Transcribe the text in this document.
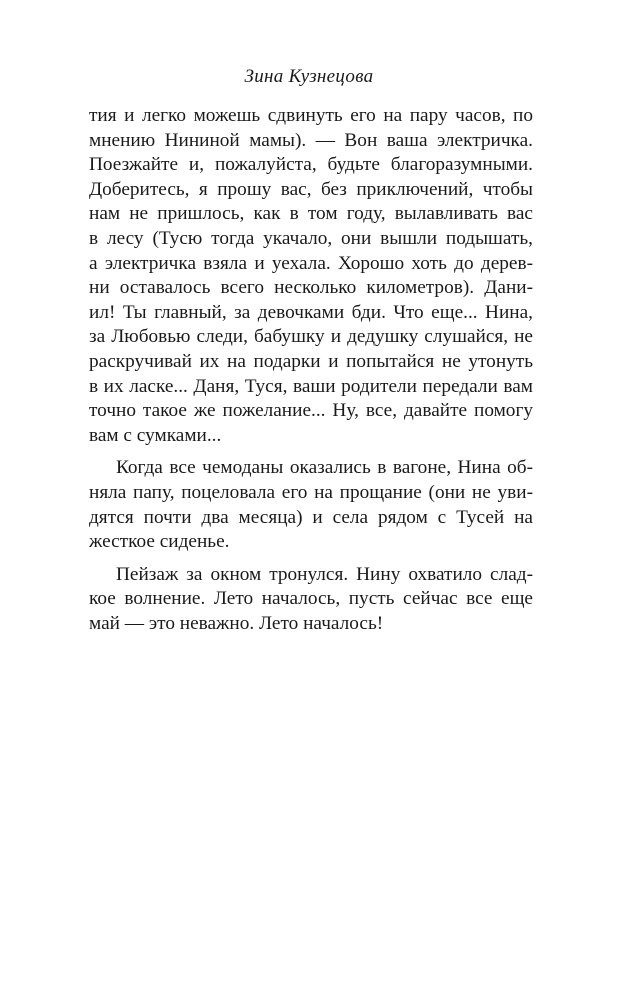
Зина Кузнецова
тия и легко можешь сдвинуть его на пару часов, по
мнению Нининой мамы). — Вон ваша электричка.
Поезжайте и, пожалуйста, будьте благоразумными.
Доберитесь, я прошу вас, без приключений, чтобы
нам не пришлось, как в том году, вылавливать вас
в лесу (Тусю тогда укачало, они вышли подышать,
а электричка взяла и уехала. Хорошо хоть до дерев-
ни оставалось всего несколько километров). Дани-
ил! Ты главный, за девочками бди. Что еще... Нина,
за Любовью следи, бабушку и дедушку слушайся, не
раскручивай их на подарки и попытайся не утонуть
в их ласке... Даня, Туся, ваши родители передали вам
точно такое же пожелание... Ну, все, давайте помогу
вам с сумками...
Когда все чемоданы оказались в вагоне, Нина об-
няла папу, поцеловала его на прощание (они не уви-
дятся почти два месяца) и села рядом с Тусей на
жесткое сиденье.
Пейзаж за окном тронулся. Нину охватило слад-
кое волнение. Лето началось, пусть сейчас все еще
май — это неважно. Лето началось!
